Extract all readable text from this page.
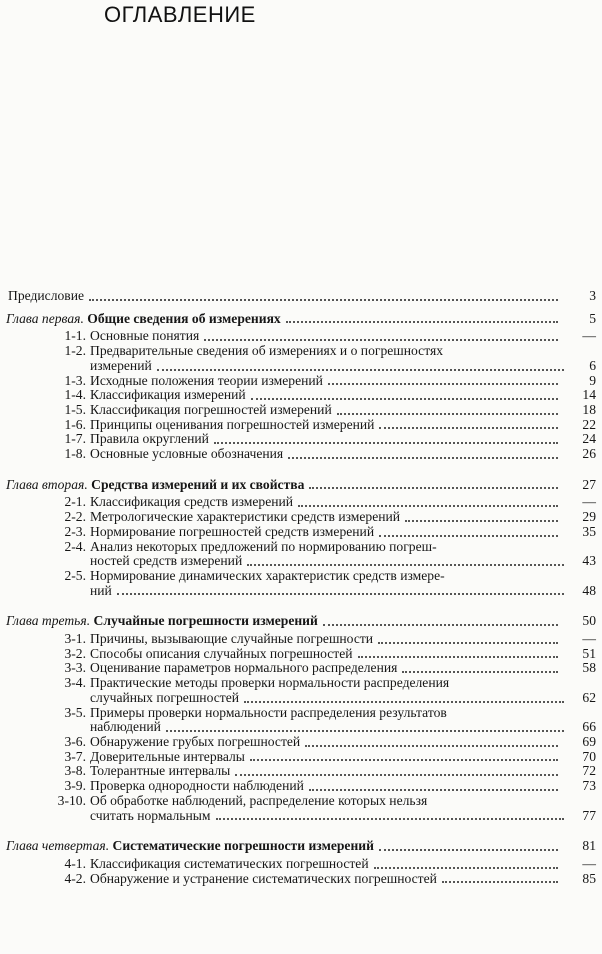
ОГЛАВЛЕНИЕ
Предисловие	3
Глава первая. Общие сведения об измерениях	5
1-1. Основные понятия	—
1-2. Предварительные сведения об измерениях и о погрешностях
измерений	6
1-3. Исходные положения теории измерений	9
1-4. Классификация измерений	14
1-5. Классификация погрешностей измерений	18
1-6. Принципы оценивания погрешностей измерений	22
1-7. Правила округлений	24
1-8. Основные условные обозначения	26
Глава вторая. Средства измерений и их свойства	27
2-1. Классификация средств измерений	—
2-2. Метрологические характеристики средств измерений	29
2-3. Нормирование погрешностей средств измерений	35
2-4. Анализ некоторых предложений по нормированию погреш-
ностей средств измерений	43
2-5. Нормирование динамических характеристик средств измере-
ний	48
Глава третья. Случайные погрешности измерений	50
3-1. Причины, вызывающие случайные погрешности	—
3-2. Способы описания случайных погрешностей	51
3-3. Оценивание параметров нормального распределения	58
3-4. Практические методы проверки нормальности распределения
случайных погрешностей	62
3-5. Примеры проверки нормальности распределения результатов
наблюдений	66
3-6. Обнаружение грубых погрешностей	69
3-7. Доверительные интервалы	70
3-8. Толерантные интервалы	72
3-9. Проверка однородности наблюдений	73
3-10. Об обработке наблюдений, распределение которых нельзя
считать нормальным	77
Глава четвертая. Систематические погрешности измерений	81
4-1. Классификация систематических погрешностей	—
4-2. Обнаружение и устранение систематических погрешностей	85
